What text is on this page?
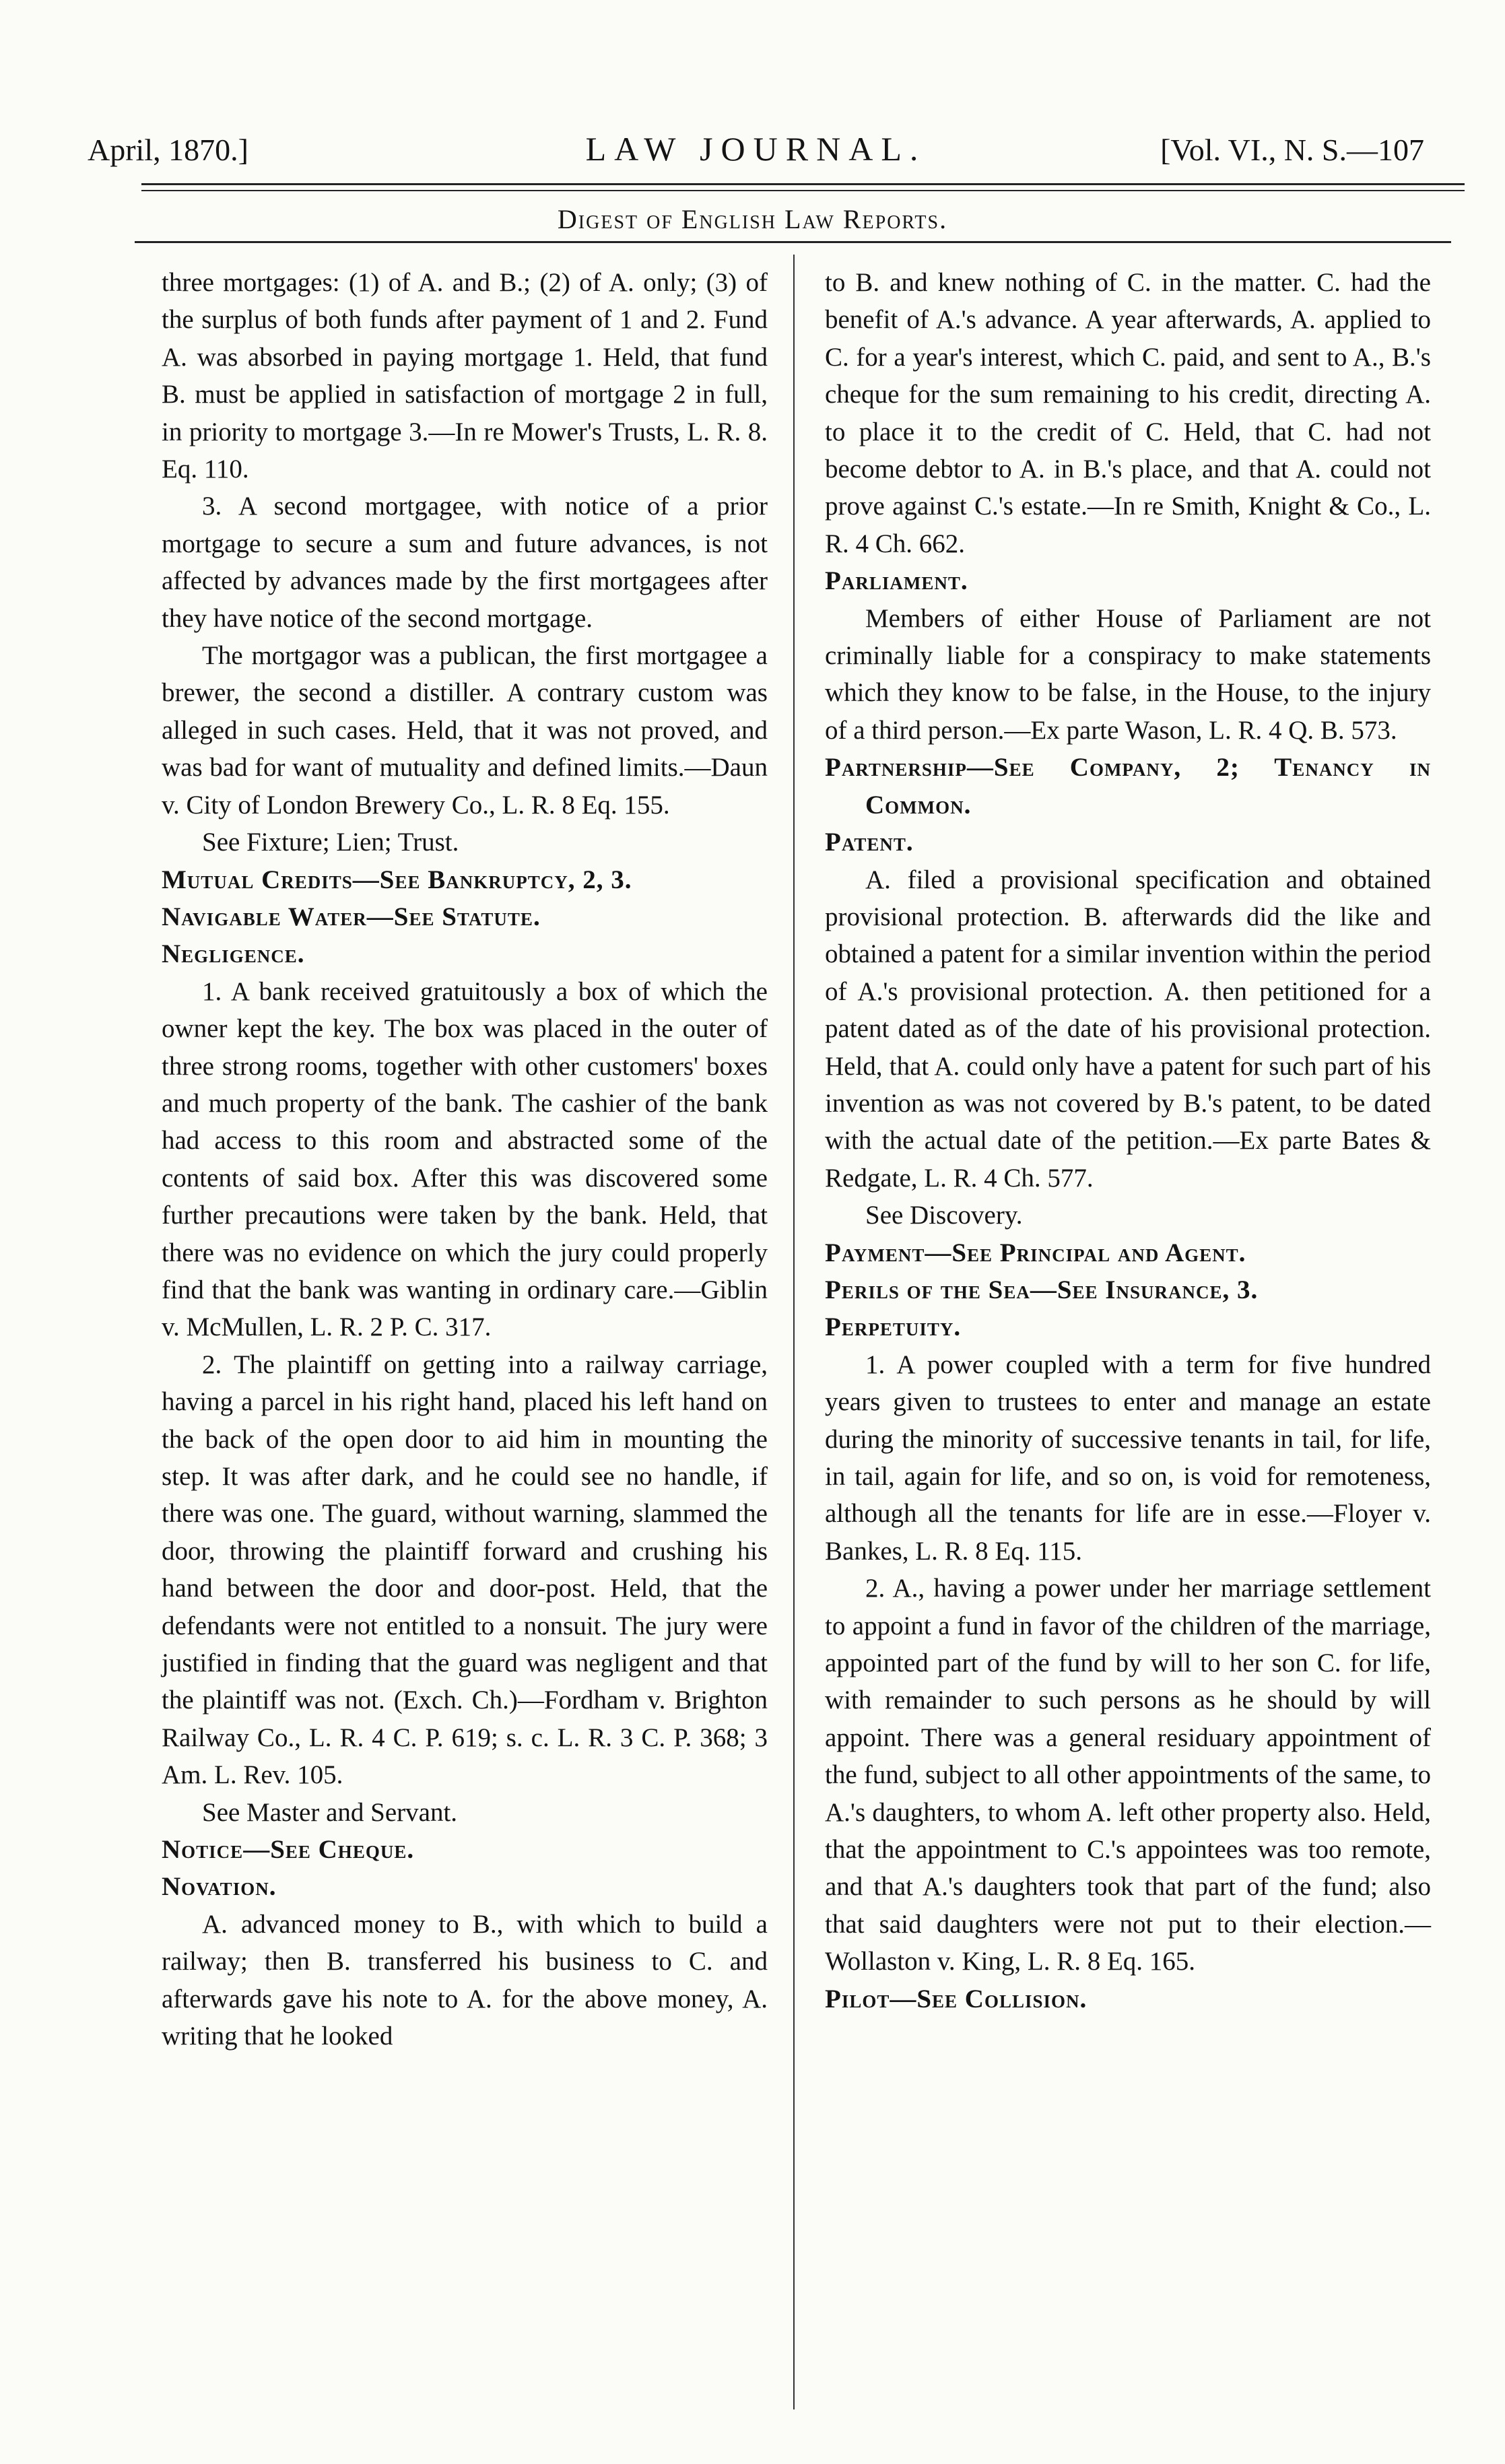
April, 1870.]	LAW JOURNAL.	[Vol. VI., N. S.—107
Digest of English Law Reports.

three mortgages: (1) of A. and B.; (2) of A. only; (3) of the surplus of both funds after payment of 1 and 2. Fund A. was absorbed in paying mortgage 1. Held, that fund B. must be applied in satisfaction of mortgage 2 in full, in priority to mortgage 3.—In re Mower's Trusts, L. R. 8. Eq. 110.

3. A second mortgagee, with notice of a prior mortgage to secure a sum and future advances, is not affected by advances made by the first mortgagees after they have notice of the second mortgage.

The mortgagor was a publican, the first mortgagee a brewer, the second a distiller. A contrary custom was alleged in such cases. Held, that it was not proved, and was bad for want of mutuality and defined limits.—Daun v. City of London Brewery Co., L. R. 8 Eq. 155.

See Fixture; Lien; Trust.

Mutual Credits—See Bankruptcy, 2, 3.

Navigable Water—See Statute.

Negligence.

1. A bank received gratuitously a box of which the owner kept the key. The box was placed in the outer of three strong rooms, together with other customers' boxes and much property of the bank. The cashier of the bank had access to this room and abstracted some of the contents of said box. After this was discovered some further precautions were taken by the bank. Held, that there was no evidence on which the jury could properly find that the bank was wanting in ordinary care.—Giblin v. McMullen, L. R. 2 P. C. 317.

2. The plaintiff on getting into a railway carriage, having a parcel in his right hand, placed his left hand on the back of the open door to aid him in mounting the step. It was after dark, and he could see no handle, if there was one. The guard, without warning, slammed the door, throwing the plaintiff forward and crushing his hand between the door and door-post. Held, that the defendants were not entitled to a nonsuit. The jury were justified in finding that the guard was negligent and that the plaintiff was not. (Exch. Ch.)—Fordham v. Brighton Railway Co., L. R. 4 C. P. 619; s. c. L. R. 3 C. P. 368; 3 Am. L. Rev. 105.

See Master and Servant.

Notice—See Cheque.

Novation.

A. advanced money to B., with which to build a railway; then B. transferred his business to C. and afterwards gave his note to A. for the above money, A. writing that he looked

to B. and knew nothing of C. in the matter. C. had the benefit of A.'s advance. A year afterwards, A. applied to C. for a year's interest, which C. paid, and sent to A., B.'s cheque for the sum remaining to his credit, directing A. to place it to the credit of C. Held, that C. had not become debtor to A. in B.'s place, and that A. could not prove against C.'s estate.—In re Smith, Knight & Co., L. R. 4 Ch. 662.

Parliament.

Members of either House of Parliament are not criminally liable for a conspiracy to make statements which they know to be false, in the House, to the injury of a third person.—Ex parte Wason, L. R. 4 Q. B. 573.

Partnership—See Company, 2; Tenancy in Common.

Patent.

A. filed a provisional specification and obtained provisional protection. B. afterwards did the like and obtained a patent for a similar invention within the period of A.'s provisional protection. A. then petitioned for a patent dated as of the date of his provisional protection. Held, that A. could only have a patent for such part of his invention as was not covered by B.'s patent, to be dated with the actual date of the petition.—Ex parte Bates & Redgate, L. R. 4 Ch. 577.

See Discovery.

Payment—See Principal and Agent.

Perils of the Sea—See Insurance, 3.

Perpetuity.

1. A power coupled with a term for five hundred years given to trustees to enter and manage an estate during the minority of successive tenants in tail, for life, in tail, again for life, and so on, is void for remoteness, although all the tenants for life are in esse.—Floyer v. Bankes, L. R. 8 Eq. 115.

2. A., having a power under her marriage settlement to appoint a fund in favor of the children of the marriage, appointed part of the fund by will to her son C. for life, with remainder to such persons as he should by will appoint. There was a general residuary appointment of the fund, subject to all other appointments of the same, to A.'s daughters, to whom A. left other property also. Held, that the appointment to C.'s appointees was too remote, and that A.'s daughters took that part of the fund; also that said daughters were not put to their election.—Wollaston v. King, L. R. 8 Eq. 165.

Pilot—See Collision.
